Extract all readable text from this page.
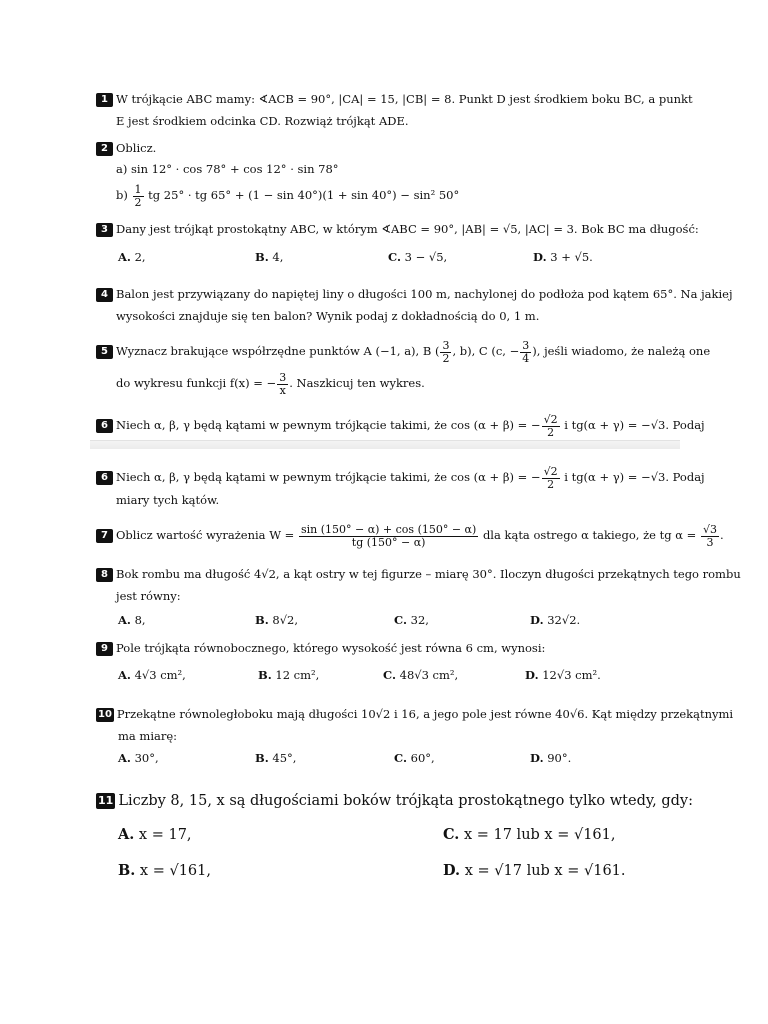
1 W trójkącie ABC mamy: ∢ACB = 90°, |CA| = 15, |CB| = 8. Punkt D jest środkiem boku BC, a punkt
E jest środkiem odcinka CD. Rozwiąż trójkąt ADE.
2 Oblicz.
a) sin 12° · cos 78° + cos 12° · sin 78°
$b) \frac{1}{2}$ tg 25° · tg 65° + (1 − sin 40°)(1 + sin 40°) − sin² 50°
3 Dany jest trójkąt prostokątny ABC, w którym ∢ABC = 90°, |AB| = √5, |AC| = 3. Bok BC ma długość:
A. 2,	B. 4,	C. 3 − √5,	D. 3 + √5.
4 Balon jest przywiązany do napiętej liny o długości 100 m, nachylonej do podłoża pod kątem 65°. Na jakiej
wysokości znajduje się ten balon? Wynik podaj z dokładnością do 0, 1 m.
5 Wyznacz brakujące współrzędne punktów A (−1, a), B ( $\frac{3}{2}$ , b), C (c, − $\frac{3}{4}$ ), jeśli wiadomo, że należą one
do wykresu funkcji f(x) = − $\frac{3}{x}$ . Naszkicuj ten wykres.
6 Niech α, β, γ będą kątami w pewnym trójkącie takimi, że cos (α + β) = − $\frac{√2}{2}$ i tg(α + γ) = −√3. Podaj
6 Niech α, β, γ będą kątami w pewnym trójkącie takimi, że cos (α + β) = − $\frac{√2}{2}$ i tg(α + γ) = −√3. Podaj
miary tych kątów.
7 Oblicz wartość wyrażenia $W = \frac{\sin (150^\circ - \alpha) + \cos (150^\circ - \alpha)}{tg (150^\circ - \alpha)}$ dla kąta ostrego α takiego, że tg $\alpha = \frac{√3}{3}$ .
8 Bok rombu ma długość 4√2, a kąt ostry w tej figurze – miarę 30°. Iloczyn długości przekątnych tego rombu
jest równy:
A. 8,	B. 8√2,	C. 32,	D. 32√2.
9 Pole trójkąta równobocznego, którego wysokość jest równa 6 cm, wynosi:
A. 4√3 cm²,	B. 12 cm²,	C. 48√3 cm²,	D. 12√3 cm².
10 Przekątne równoległoboku mają długości 10√2 i 16, a jego pole jest równe 40√6. Kąt między przekątnymi
ma miarę:
A. 30°,	B. 45°,	C. 60°,	D. 90°.
11 Liczby 8, 15, x są długościami boków trójkąta prostokątnego tylko wtedy, gdy:
A. x = 17,	C. x = 17 lub x = √161,
B. x = √161,	D. x = √17 lub x = √161.
